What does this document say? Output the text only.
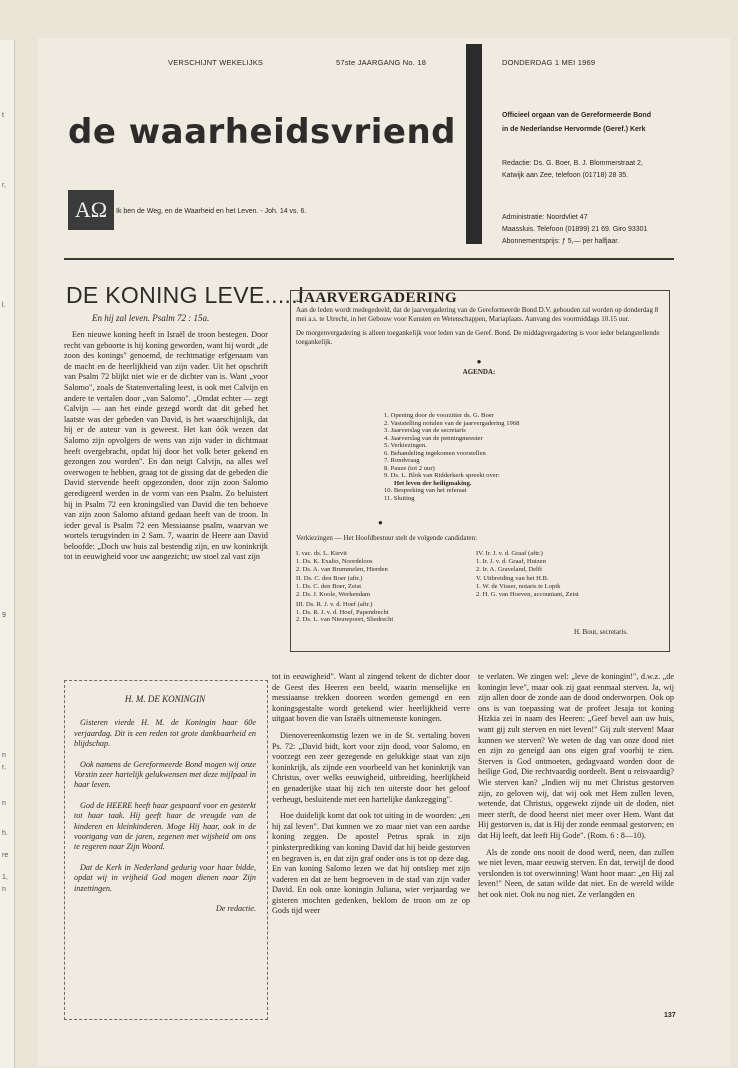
t
r,
l.
9
n
r,
n
h.
re
1,
n
VERSCHIJNT WEKELIJKS	57ste JAARGANG No. 18	DONDERDAG 1 MEI 1969
de waarheidsvriend
AΩ Ik ben de Weg, en de Waarheid en het Leven. - Joh. 14 vs. 6.
Officieel orgaan van de Gereformeerde Bond
in de Nederlandse Hervormde (Geref.) Kerk
Redactie: Ds. G. Boer, B. J. Blommerstraat 2,
Katwijk aan Zee, telefoon (01718) 28 35.
Administratie: Noordvliet 47
Maassluis. Telefoon (01899) 21 69. Giro 93301
Abonnementsprijs: ƒ 5,— per halfjaar.
DE KONING LEVE.....!
En hij zal leven. Psalm 72 : 15a.

Een nieuwe koning heeft in Israël de troon bestegen. Door recht van geboorte is hij koning geworden, want hij wordt „de zoon des konings" genoemd, de rechtmatige erfgenaam van de macht en de heerlijkheid van zijn vader. Uit het opschrift van Psalm 72 blijkt niet wie er de dichter van is. Want „voor Salomo", zoals de Statenvertaling leest, is ook met Calvijn en andere te vertalen door „van Salomo". „Omdat echter — zegt Calvijn — aan het einde gezegd wordt dat dit gebed het laatste was der gebeden van David, is het waarschijnlijk, dat hij er de auteur van is geweest. Het kan óók wezen dat Salomo zijn opvolgers de wens van zijn vader in dichtmaat heeft overgebracht, opdat hij door het volk beter gekend en gezongen zou worden". En dan neigt Calvijn, na alles wel overwogen te hebben, graag tot de gissing dat de gebeden die David stervende heeft opgezonden, door zijn zoon Salomo geredigeerd werden in de vorm van een Psalm. Zo beluistert hij in Psalm 72 een kroningslied van David die ten behoeve van zijn zoon Salomo afstand gedaan heeft van de troon. In ieder geval is Psalm 72 een Messiaanse psalm, waarvan we wortels terugvinden in 2 Sam. 7, waarin de Heere aan David beloofde: „Doch uw huis zal bestendig zijn, en uw koninkrijk tot in eeuwigheid voor uw aangezicht; uw stoel zal vast zijn

H. M. DE KONINGIN

Gisteren vierde H. M. de Koningin haar 60e verjaardag. Dit is een reden tot grote dankbaarheid en blijdschap.

Ook namens de Gereformeerde Bond mogen wij onze Vorstin zeer hartelijk gelukwensen met deze mijlpaal in haar leven.

God de HEERE heeft haar gespaard voor en gesterkt tot haar taak. Hij geeft haar de vreugde van de kinderen en kleinkinderen. Moge Hij haar, ook in de voortgang van de jaren, zegenen met wijsheid om ons te regeren naar Zijn Woord.

Dat de Kerk in Nederland gedurig voor haar bidde, opdat wij in vrijheid God mogen dienen naar Zijn inzettingen.

De redactie.
JAARVERGADERING
Aan de leden wordt medegedeeld, dat de jaarvergadering van de Gereformeerde Bond D.V. gehouden zal worden op donderdag 8 mei a.s. te Utrecht, in het Gebouw voor Kunsten en Wetenschappen, Mariaplaats. Aanvang des voormiddags 10.15 uur.
De morgenvergadering is alleen toegankelijk voor leden van de Geref. Bond. De middagvergadering is voor ieder belangstellende toegankelijk.
●
AGENDA:
1. Opening door de voorzitter ds. G. Boer
2. Vaststelling notulen van de jaarvergadering 1968
3. Jaarverslag van de secretaris
4. Jaarverslag van de penningmeester
5. Verkiezingen.
6. Behandeling ingekomen voorstellen
7. Rondvraag
8. Pauze (tot 2 uur)
9. Ds. L. Blok van Ridderkerk spreekt over:
Het leven der heiligmaking.
10. Bespreking van het referaat
11. Sluiting
●
Verkiezingen — Het Hoofdbestuur stelt de volgende candidaten:
I. vac. ds. L. Kievit
1. Ds. K. Exalto, Noordeloos
2. Ds. A. van Brummelen, Hierden
II. Ds. C. den Boer (aftr.)
1. Ds. C. den Boer, Zeist
2. Ds. J. Koole, Werkendam
III. Ds. R. J. v. d. Hoef (aftr.)
1. Ds. R. J. v. d. Hoef, Papendrecht
2. Ds. L. van Nieuwpoort, Sliedrecht
IV. Ir. J. v. d. Graaf (aftr.)
1. Ir. J. v. d. Graaf, Huizen
2. Ir. A. Graveland, Delft
V. Uitbreiding van het H.B.
1. W. de Visser, notaris te Lopik
2. H. G. van Hoeven, accountant, Zeist
H. Bout, secretaris.

tot in eeuwigheid". Want al zingend tekent de dichter door de Geest des Heeren een beeld, waarin menselijke en messiaanse trekken dooreen worden gemengd en een koningsgestalte wordt getekend wier heerlijkheid verre uitgaat boven die van Israëls uitnemenste koningen.

Dienovereenkomstig lezen we in de St. vertaling boven Ps. 72: „David bidt, kort voor zijn dood, voor Salomo, en voorzegt een zeer gezegende en gelukkige staat van zijn koninkrijk, als zijnde een voorbeeld van het koninkrijk van Christus, over welks eeuwigheid, uitbreiding, heerlijkheid en genaderijke staat hij zich ten uiterste door het geloof verheugt, besluitende met een hartelijke dankzegging".

Hoe duidelijk komt dat ook tot uiting in de woorden: „en hij zal leven". Dat kunnen we zo maar niet van een aardse koning zeggen. De apostel Petrus sprak in zijn pinksterprediking van koning David dat hij beide gestorven en begraven is, en dat zijn graf onder ons is tot op deze dag. En van koning Salomo lezen we dat hij ontsliep met zijn vaderen en dat ze hem begroeven in de stad van zijn vader David. En ook onze koningin Juliana, wier verjaardag we gisteren mochten gedenken, beklom de troon om ze op Gods tijd weer

te verlaten. We zingen wel: „leve de koningin!", d.w.z. „de koningin leve", maar ook zij gaat eenmaal sterven. Ja, wij zijn allen door de zonde aan de dood onderworpen. Ook op ons is van toepassing wat de profeet Jesaja tot koning Hizkia zei in naam des Heeren: „Geef bevel aan uw huis, want gij zult sterven en niet leven!" Gij zult sterven! Maar kunnen we sterven? We weten de dag van onze dood niet en zijn zo geneigd aan ons eigen graf voorbij te zien. Sterven is God ontmoeten, gedagvaard worden door de heilige God, Die rechtvaardig oordeelt. Bent u reisvaardig? Wie sterven kan? „Indien wij nu met Christus gestorven zijn, zo geloven wij, dat wij ook met Hem zullen leven, wetende, dat Christus, opgewekt zijnde uit de doden, niet meer sterft, de dood heerst niet meer over Hem. Want dat Hij gestorven is, dat is Hij der zonde eenmaal gestorven; en dat Hij leeft, dat leeft Hij Gode". (Rom. 6 : 8—10).

Als de zonde ons nooit de dood werd, neen, dan zullen we niet leven, maar eeuwig sterven. En dat, terwijl de dood verslonden is tot overwinning! Want hoor maar: „en Hij zal leven!" Neen, de satan wilde dat niet. En de wereld wilde het ook niet. Ook nu nog niet. Ze verlangden en

137
